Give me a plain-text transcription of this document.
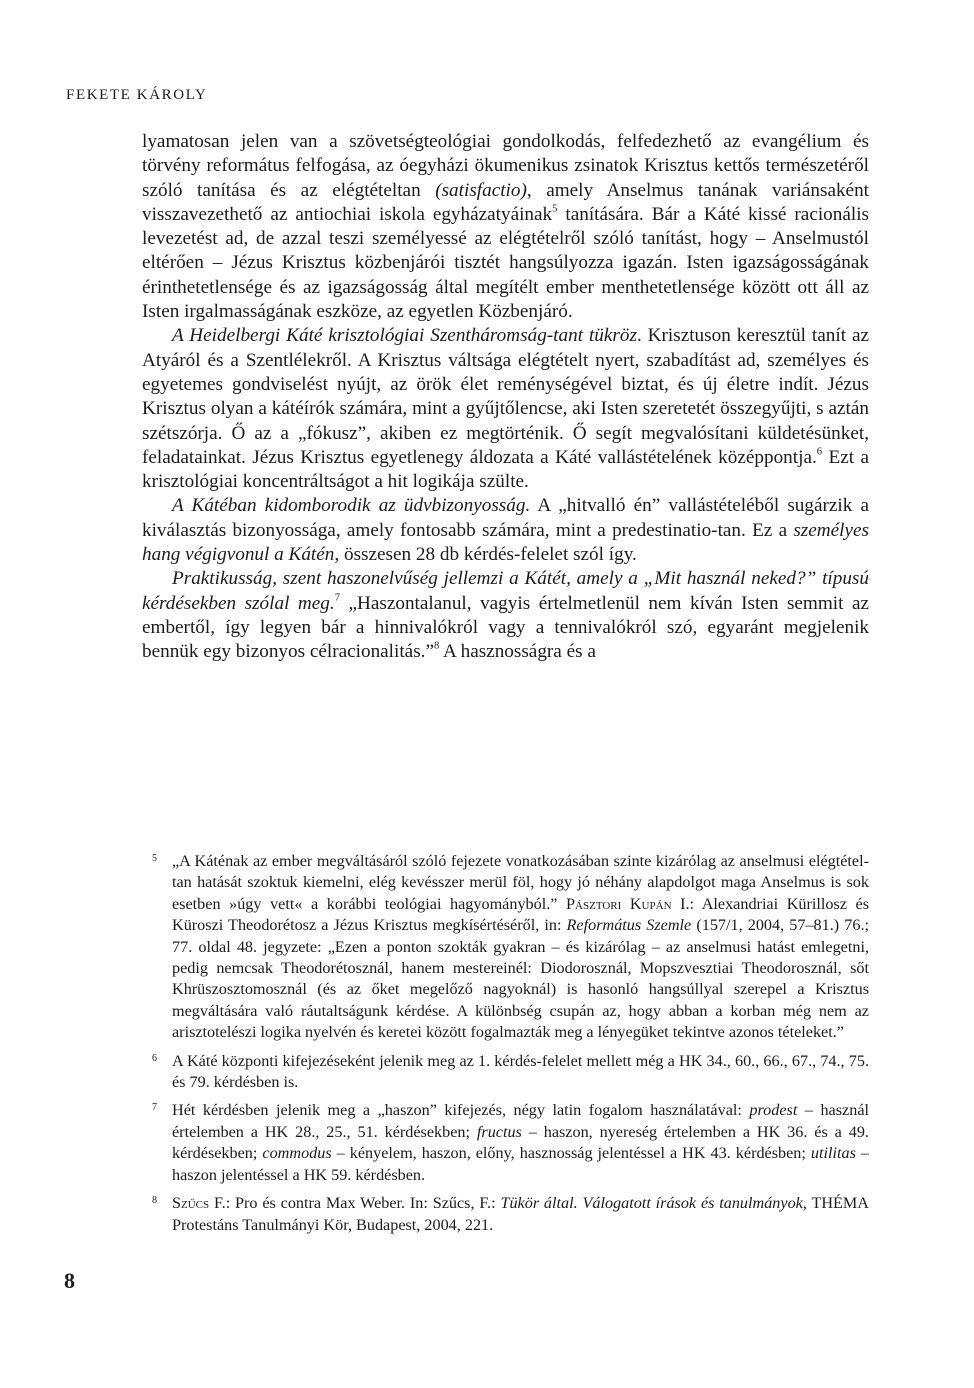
FEKETE KÁROLY

lyamatosan jelen van a szövetségteológiai gondolkodás, felfedezhető az evangélium és törvény református felfogása, az óegyházi ökumenikus zsinatok Krisztus kettős természetéről szóló tanítása és az elégtételtan (satisfactio), amely Anselmus tanának variánsaként visszavezethető az antiochiai iskola egyházatyáinak$^5$ tanítására. Bár a Káté kissé racionális levezetést ad, de azzal teszi személyessé az elégtételről szóló tanítást, hogy – Anselmustól eltérően – Jézus Krisztus közbenjárói tisztét hangsúlyozza igazán. Isten igazságosságának érinthetetlensége és az igazságosság által megítélt ember menthetetlensége között ott áll az Isten irgalmasságának eszköze, az egyetlen Közbenjáró.

A Heidelbergi Káté krisztológiai Szentháromság-tant tükröz. Krisztuson keresztül tanít az Atyáról és a Szentlélekről. A Krisztus váltsága elégtételt nyert, szabadítást ad, személyes és egyetemes gondviselést nyújt, az örök élet reménységével biztat, és új életre indít. Jézus Krisztus olyan a kátéírók számára, mint a gyűjtőlencse, aki Isten szeretetét összegyűjti, s aztán szétszórja. Ő az a „fókusz”, akiben ez megtörténik. Ő segít megvalósítani küldetésünket, feladatainkat. Jézus Krisztus egyetlenegy áldozata a Káté vallástételének középpontja.$^6$ Ezt a krisztológiai koncentráltságot a hit logikája szülte.

A Kátéban kidomborodik az üdvbizonyosság. A „hitvalló én” vallástételéből sugárzik a kiválasztás bizonyossága, amely fontosabb számára, mint a predestinatio-tan. Ez a személyes hang végigvonul a Kátén, összesen 28 db kérdés-felelet szól így.

Praktikusság, szent haszonelvűség jellemzi a Kátét, amely a „Mit használ neked?” típusú kérdésekben szólal meg.$^7$ „Haszontalanul, vagyis értelmetlenül nem kíván Isten semmit az embertől, így legyen bár a hinnivalókról vagy a tennivalókról szó, egyaránt megjelenik bennük egy bizonyos célracionalitás.”$^8$ A hasznosságra és a

5 „A Káténak az ember megváltásáról szóló fejezete vonatkozásában szinte kizárólag az anselmusi elégtétel-tan hatását szoktuk kiemelni, elég kevésszer merül föl, hogy jó néhány alapdolgot maga Anselmus is sok esetben »úgy vett« a korábbi teológiai hagyományból.” Pásztori Kupán I.: Alexandriai Kürillosz és Küroszi Theodorétosz a Jézus Krisztus megkísértéséről, in: Református Szemle (157/1, 2004, 57–81.) 76.; 77. oldal 48. jegyzete: „Ezen a ponton szokták gyakran – és kizárólag – az anselmusi hatást emlegetni, pedig nemcsak Theodorétosznál, hanem mestereinél: Diodorosznál, Mopszvesztiai Theodorosznál, sőt Khrüszosztomosznál (és az őket megelőző nagyoknál) is hasonló hangsúllyal szerepel a Krisztus megváltására való ráutaltságunk kérdése. A különbség csupán az, hogy abban a korban még nem az arisztotelészi logika nyelvén és keretei között fogalmazták meg a lényegüket tekintve azonos tételeket.”
6 A Káté központi kifejezéseként jelenik meg az 1. kérdés-felelet mellett még a HK 34., 60., 66., 67., 74., 75. és 79. kérdésben is.
7 Hét kérdésben jelenik meg a „haszon” kifejezés, négy latin fogalom használatával: prodest – használ értelemben a HK 28., 25., 51. kérdésekben; fructus – haszon, nyereség értelemben a HK 36. és a 49. kérdésekben; commodus – kényelem, haszon, előny, hasznosság jelentéssel a HK 43. kérdésben; utilitas – haszon jelentéssel a HK 59. kérdésben.
8 Szűcs F.: Pro és contra Max Weber. In: Szűcs, F.: Tükör által. Válogatott írások és tanulmányok, THÉMA Protestáns Tanulmányi Kör, Budapest, 2004, 221.
8
